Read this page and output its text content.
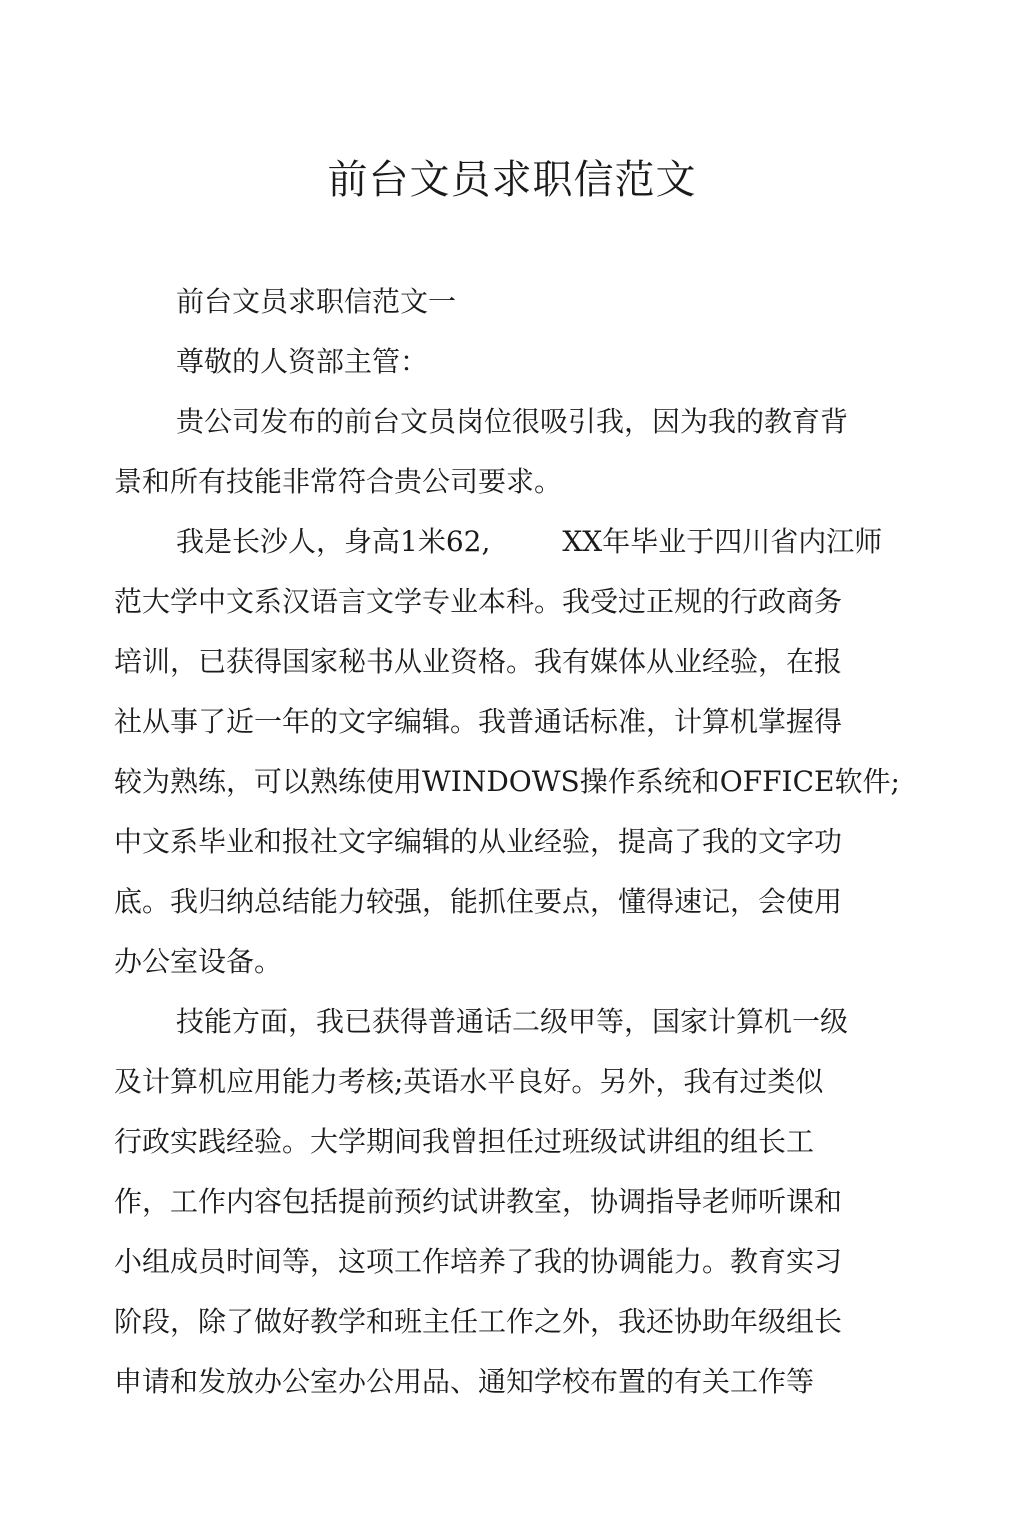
前台文员求职信范文
前台文员求职信范文一
尊敬的人资部主管：
贵公司发布的前台文员岗位很吸引我，因为我的教育背
景和所有技能非常符合贵公司要求。
我是长沙人，身高1米62,	XX年毕业于四川省内江师
范大学中文系汉语言文学专业本科。我受过正规的行政商务
培训，已获得国家秘书从业资格。我有媒体从业经验，在报
社从事了近一年的文字编辑。我普通话标准，计算机掌握得
较为熟练，可以熟练使用WINDOWS操作系统和OFFICE软件;
中文系毕业和报社文字编辑的从业经验，提高了我的文字功
底。我归纳总结能力较强，能抓住要点，懂得速记，会使用
办公室设备。
技能方面，我已获得普通话二级甲等，国家计算机一级
及计算机应用能力考核;英语水平良好。另外，我有过类似
行政实践经验。大学期间我曾担任过班级试讲组的组长工
作，工作内容包括提前预约试讲教室，协调指导老师听课和
小组成员时间等，这项工作培养了我的协调能力。教育实习
阶段，除了做好教学和班主任工作之外，我还协助年级组长
申请和发放办公室办公用品、通知学校布置的有关工作等
